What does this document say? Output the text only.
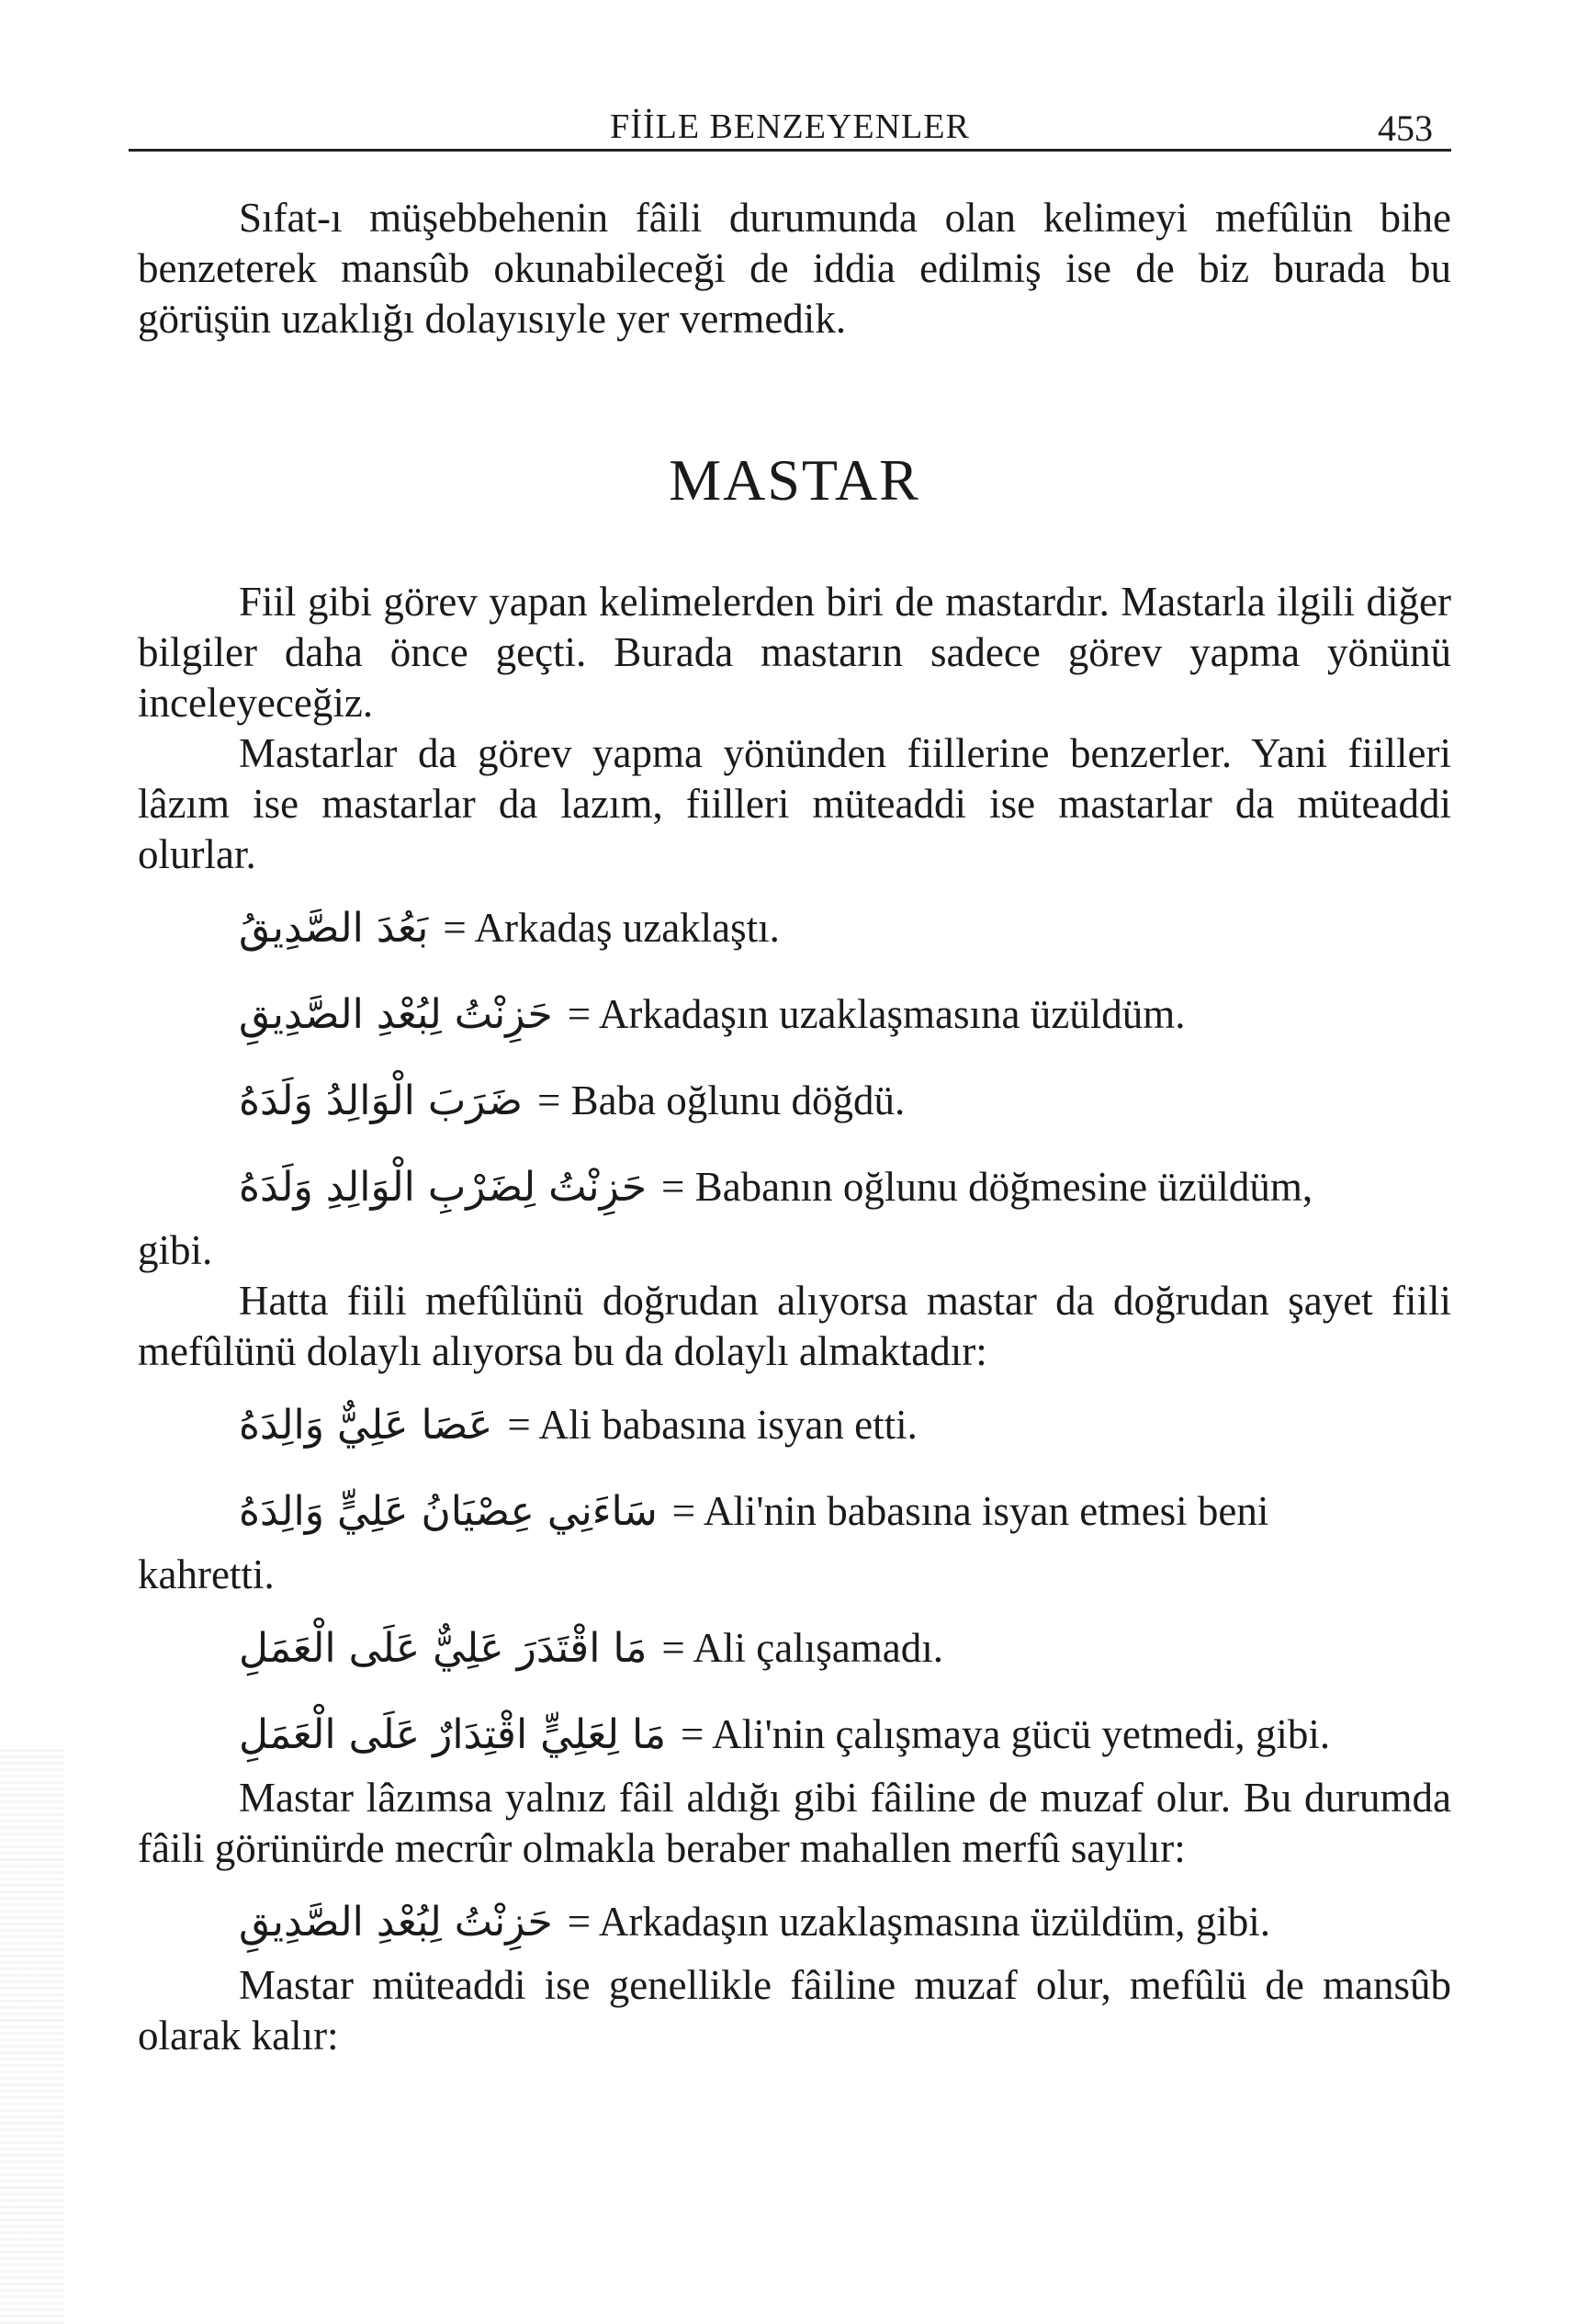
FİİLE BENZEYENLER	453

Sıfat-ı müşebbehenin fâili durumunda olan kelimeyi mefûlün bihe benzeterek mansûb okunabileceği de iddia edilmiş ise de biz burada bu görüşün uzaklığı dolayısıyle yer vermedik.

MASTAR

Fiil gibi görev yapan kelimelerden biri de mastardır. Mastarla ilgili diğer bilgiler daha önce geçti. Burada mastarın sadece görev yapma yönünü inceleyeceğiz.

Mastarlar da görev yapma yönünden fiillerine benzerler. Yani fiilleri lâzım ise mastarlar da lazım, fiilleri müteaddi ise mastarlar da müteaddi olurlar.

بَعُدَ الصَّدِيقُ = Arkadaş uzaklaştı.
حَزِنْتُ لِبُعْدِ الصَّدِيقِ = Arkadaşın uzaklaşmasına üzüldüm.
ضَرَبَ الْوَالِدُ وَلَدَهُ = Baba oğlunu döğdü.
حَزِنْتُ لِضَرْبِ الْوَالِدِ وَلَدَهُ = Babanın oğlunu döğmesine üzüldüm,

gibi.

Hatta fiili mefûlünü doğrudan alıyorsa mastar da doğrudan şayet fiili mefûlünü dolaylı alıyorsa bu da dolaylı almaktadır:

عَصَا عَلِيٌّ وَالِدَهُ = Ali babasına isyan etti.
سَاءَنِي عِصْيَانُ عَلِيٍّ وَالِدَهُ = Ali'nin babasına isyan etmesi beni

kahretti.

مَا اقْتَدَرَ عَلِيٌّ عَلَى الْعَمَلِ = Ali çalışamadı.
مَا لِعَلِيٍّ اقْتِدَارٌ عَلَى الْعَمَلِ = Ali'nin çalışmaya gücü yetmedi, gibi.

Mastar lâzımsa yalnız fâil aldığı gibi fâiline de muzaf olur. Bu durumda fâili görünürde mecrûr olmakla beraber mahallen merfû sayılır:

حَزِنْتُ لِبُعْدِ الصَّدِيقِ = Arkadaşın uzaklaşmasına üzüldüm, gibi.

Mastar müteaddi ise genellikle fâiline muzaf olur, mefûlü de mansûb olarak kalır:
